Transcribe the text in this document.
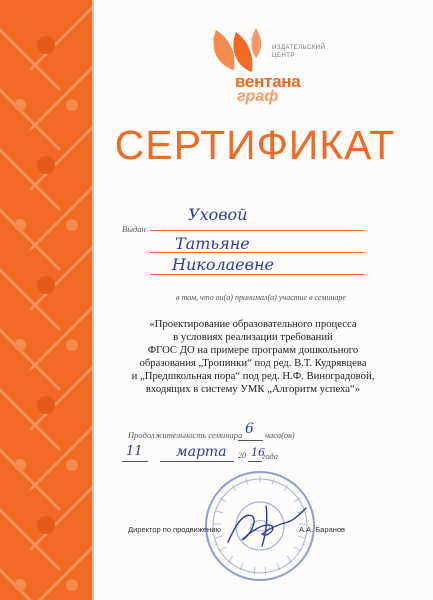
ИЗДАТЕЛЬСКИЙ
ЦЕНТР
вентана
граф
СЕРТИФИКАТ
Выдан
Уховой
Татьяне
Николаевне
в том, что он(а) принимал(а) участие в семинаре
«Проектирование образовательного процесса
в условиях реализации требований
ФГОС ДО на примере программ дошкольного
образования „Тропинки“ под ред. В.Т. Кудрявцева
и „Предшкольная пора“ под ред. Н.Ф. Виноградовой,
входящих в систему УМК „Алгоритм успеха“»
Продолжительность семинара 6 часа(ов)
11 марта 20 16
года
Директор по продвижению	А.А. Баранов
